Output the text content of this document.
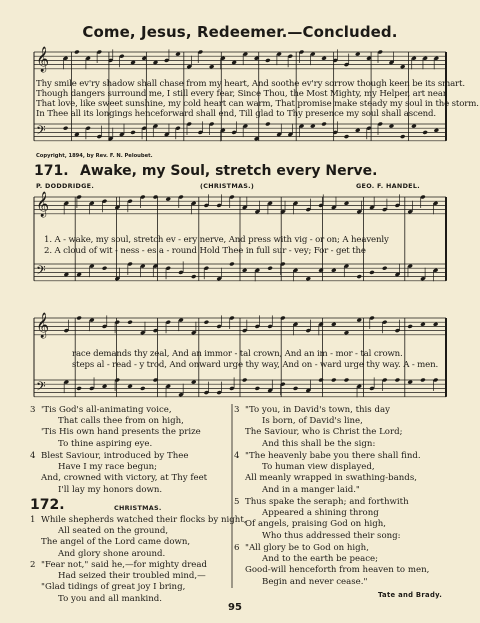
𝄞
𝄢
𝄞
𝄢
𝄞
𝄢
Come, Jesus, Redeemer.—Concluded.
Thy smile ev'ry shadow shall chase from my heart, And soothe ev'ry sorrow though keen be its smart.
Though dangers surround me, I still every fear, Since Thou, the Most Mighty, my Helper, art near
That love, like sweet sunshine, my cold heart can warm, That promise make steady my soul in the storm.
In Thee all its longings henceforward shall end, Till glad to Thy presence my soul shall ascend.
Copyright, 1894, by Rev. F. N. Peloubet.
171. Awake, my Soul, stretch every Nerve.
P. DODDRIDGE.	(CHRISTMAS.)	GEO. F. HANDEL.
1. A - wake, my soul, stretch ev - ery nerve, And press with vig - or on; A heavenly
2. A cloud of wit - ness - es a - round Hold Thee in full sur - vey; For - get the
race demands thy zeal, And an immor - tal crown, And an im - mor - tal crown.
steps al - read - y trod, And onward urge thy way, And on - ward urge thy way. A - men.
3 'Tis God's all-animating voice,
That calls thee from on high,
'Tis His own hand presents the prize
To thine aspiring eye.
4 Blest Saviour, introduced by Thee
Have I my race begun;
And, crowned with victory, at Thy feet
I'll lay my honors down.
172.	CHRISTMAS.
1 While shepherds watched their flocks by night,
All seated on the ground,
The angel of the Lord came down,
And glory shone around.
2 "Fear not," said he,—for mighty dread
Had seized their troubled mind,—
"Glad tidings of great joy I bring,
To you and all mankind.
3 "To you, in David's town, this day
Is born, of David's line,
The Saviour, who is Christ the Lord;
And this shall be the sign:
4 "The heavenly babe you there shall find.
To human view displayed,
All meanly wrapped in swathing-bands,
And in a manger laid."
5 Thus spake the seraph; and forthwith
Appeared a shining throng
Of angels, praising God on high,
Who thus addressed their song:
6 "All glory be to God on high,
And to the earth be peace;
Good-will henceforth from heaven to men,
Begin and never cease."
Tate and Brady.
95
